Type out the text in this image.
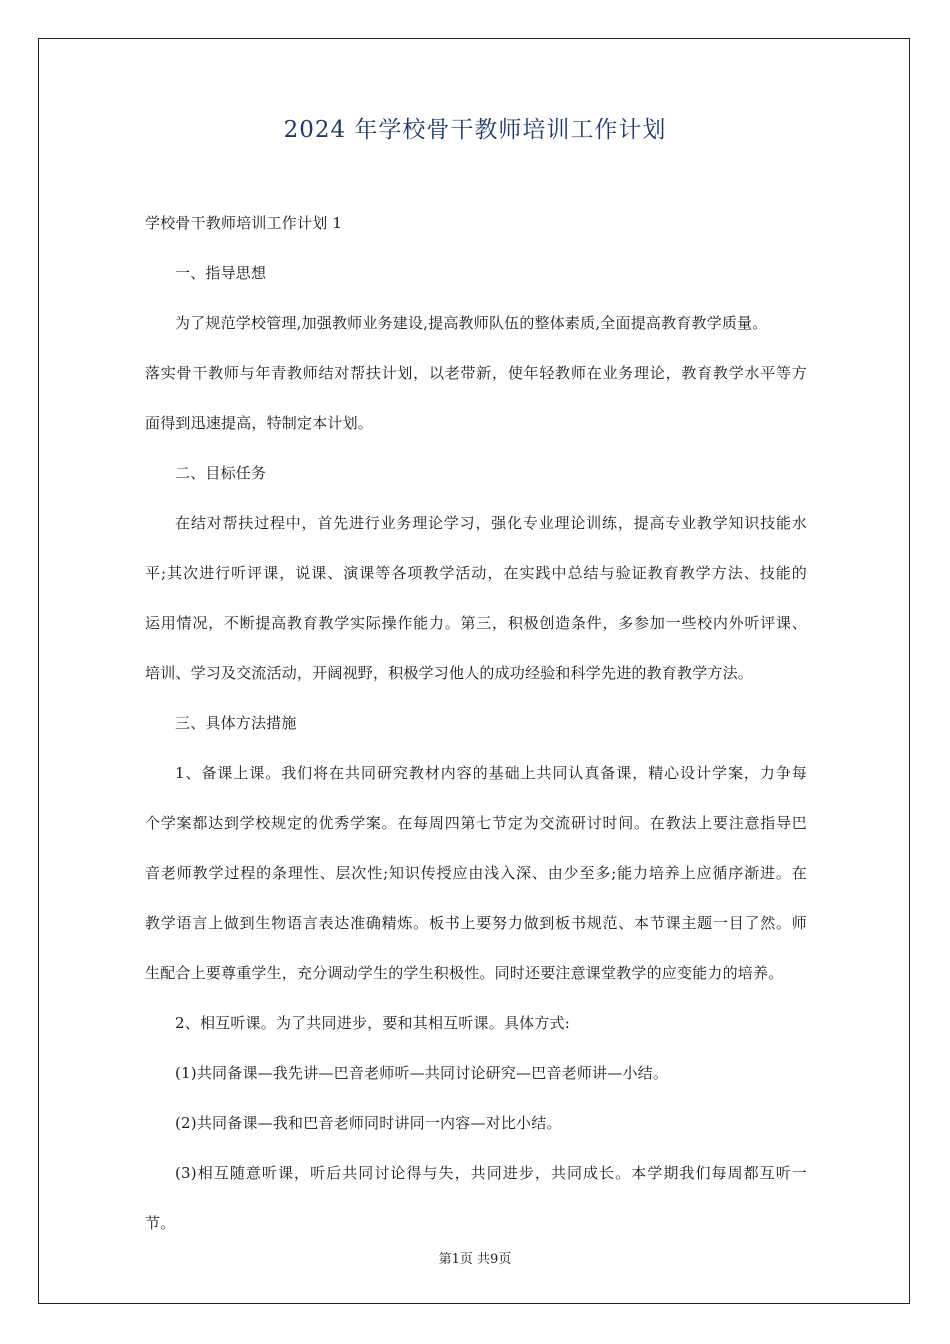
2024 年学校骨干教师培训工作计划

学校骨干教师培训工作计划 1

一、指导思想

为了规范学校管理,加强教师业务建设,提高教师队伍的整体素质,全面提高教育教学质量。

落实骨干教师与年青教师结对帮扶计划，以老带新，使年轻教师在业务理论，教育教学水平等方

面得到迅速提高，特制定本计划。

二、目标任务

在结对帮扶过程中，首先进行业务理论学习，强化专业理论训练，提高专业教学知识技能水

平;其次进行听评课，说课、演课等各项教学活动，在实践中总结与验证教育教学方法、技能的

运用情况，不断提高教育教学实际操作能力。第三，积极创造条件，多参加一些校内外听评课、

培训、学习及交流活动，开阔视野，积极学习他人的成功经验和科学先进的教育教学方法。

三、具体方法措施

1、备课上课。我们将在共同研究教材内容的基础上共同认真备课，精心设计学案，力争每

个学案都达到学校规定的优秀学案。在每周四第七节定为交流研讨时间。在教法上要注意指导巴

音老师教学过程的条理性、层次性;知识传授应由浅入深、由少至多;能力培养上应循序渐进。在

教学语言上做到生物语言表达准确精炼。板书上要努力做到板书规范、本节课主题一目了然。师

生配合上要尊重学生，充分调动学生的学生积极性。同时还要注意课堂教学的应变能力的培养。

2、相互听课。为了共同进步，要和其相互听课。具体方式:

(1)共同备课—我先讲—巴音老师听—共同讨论研究—巴音老师讲—小结。

(2)共同备课—我和巴音老师同时讲同一内容—对比小结。

(3)相互随意听课，听后共同讨论得与失，共同进步，共同成长。本学期我们每周都互听一

节。

第1页 共9页
